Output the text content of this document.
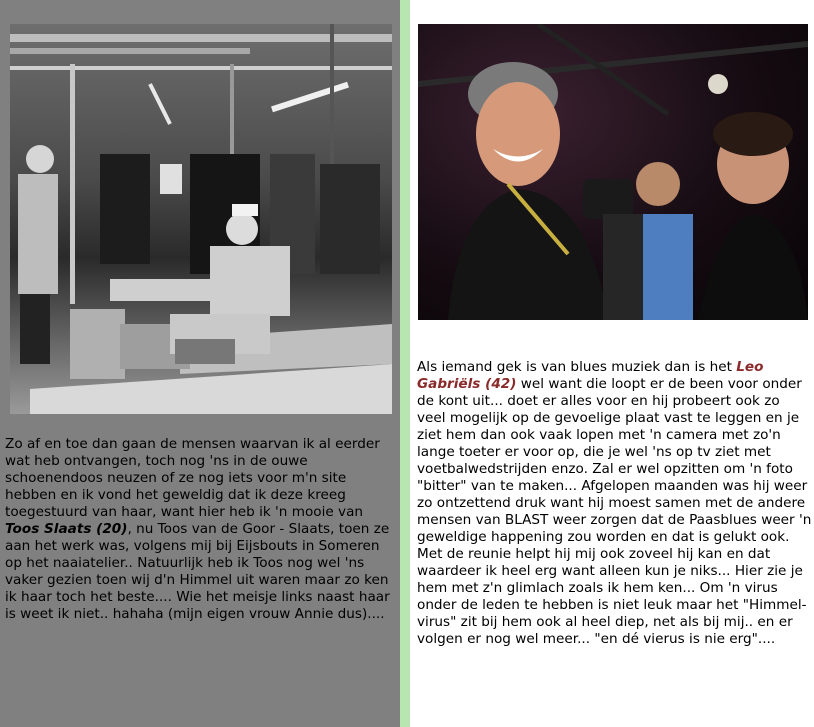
Zo af en toe dan gaan de mensen waarvan ik al eerder wat heb ontvangen, toch nog 'ns in de ouwe schoenendoos neuzen of ze nog iets voor m'n site hebben en ik vond het geweldig dat ik deze kreeg toegestuurd van haar, want hier heb ik 'n mooie van Toos Slaats (20), nu Toos van de Goor - Slaats, toen ze aan het werk was, volgens mij bij Eijsbouts in Someren op het naaiatelier.. Natuurlijk heb ik Toos nog wel 'ns vaker gezien toen wij d'n Himmel uit waren maar zo ken ik haar toch het beste.... Wie het meisje links naast haar is weet ik niet.. hahaha (mijn eigen vrouw Annie dus)....
Als iemand gek is van blues muziek dan is het Leo Gabriëls (42) wel want die loopt er de been voor onder de kont uit... doet er alles voor en hij probeert ook zo veel mogelijk op de gevoelige plaat vast te leggen en je ziet hem dan ook vaak lopen met 'n camera met zo'n lange toeter er voor op, die je wel 'ns op tv ziet met voetbalwedstrijden enzo. Zal er wel opzitten om 'n foto "bitter" van te maken... Afgelopen maanden was hij weer zo ontzettend druk want hij moest samen met de andere mensen van BLAST weer zorgen dat de Paasblues weer 'n geweldige happening zou worden en dat is gelukt ook. Met de reunie helpt hij mij ook zoveel hij kan en dat waardeer ik heel erg want alleen kun je niks... Hier zie je hem met z'n glimlach zoals ik hem ken... Om 'n virus onder de leden te hebben is niet leuk maar het "Himmel-virus" zit bij hem ook al heel diep, net als bij mij.. en er volgen er nog wel meer... "en dé vierus is nie erg"....
